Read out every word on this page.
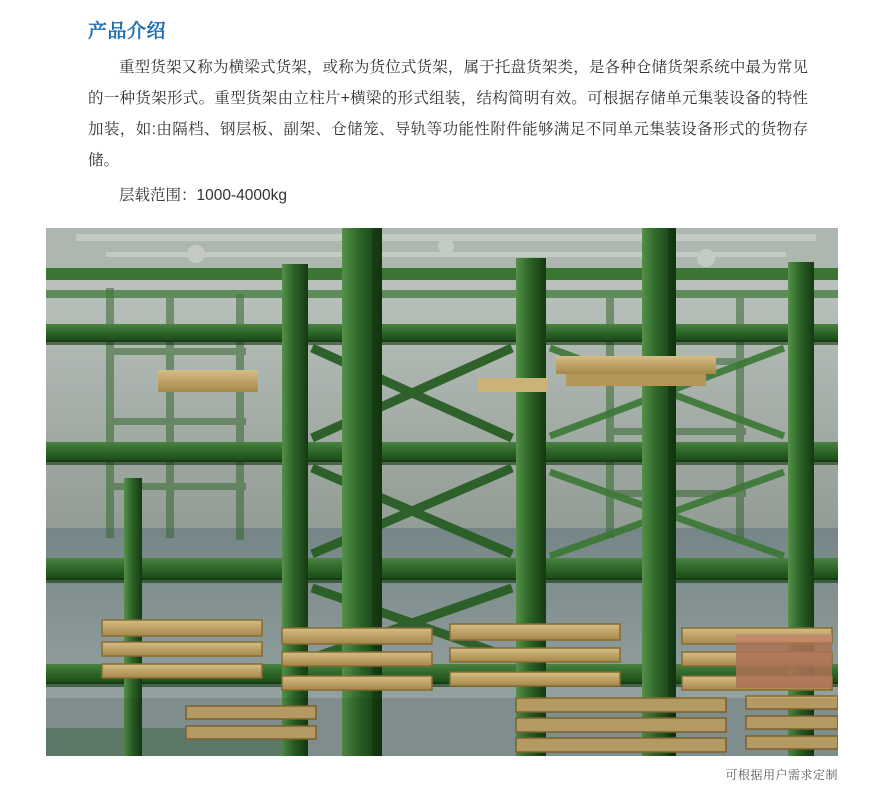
产品介绍
重型货架又称为横梁式货架，或称为货位式货架，属于托盘货架类，是各种仓储货架系统中最为常见的一种货架形式。重型货架由立柱片+横梁的形式组装，结构简明有效。可根据存储单元集装设备的特性加装，如:由隔档、钢层板、副架、仓储笼、导轨等功能性附件能够满足不同单元集装设备形式的货物存储。
层载范围：1000-4000kg
可根据用户需求定制
